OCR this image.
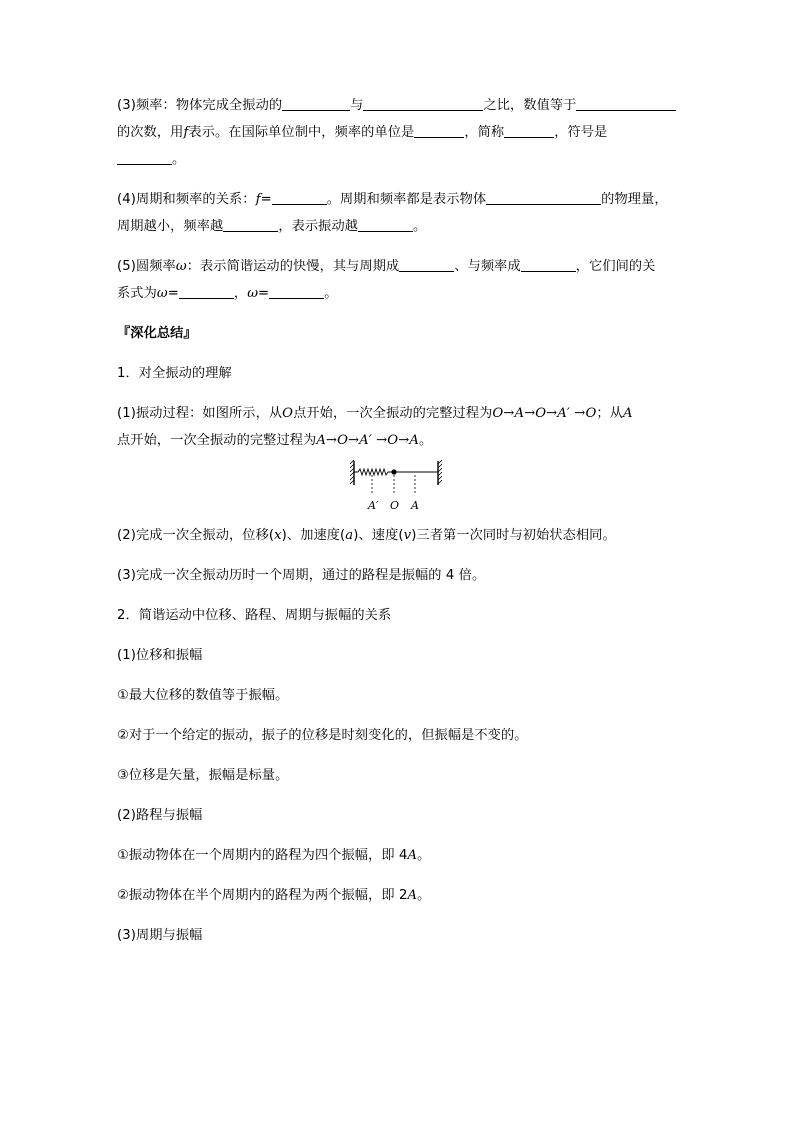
(3)频率：物体完成全振动的	与	之比，数值等于
的次数，用f表示。在国际单位制中，频率的单位是	，简称	，符号是
。

(4)周期和频率的关系：f=	。周期和频率都是表示物体	的物理量，
周期越小，频率越	，表示振动越	。

(5)圆频率ω：表示简谐运动的快慢，其与周期成	、与频率成	，它们间的关
系式为ω=	，ω=	。

『深化总结』

1．对全振动的理解

(1)振动过程：如图所示，从O点开始，一次全振动的完整过程为O→A→O→A′ →O；从A
点开始，一次全振动的完整过程为A→O→A′ →O→A。

A′ O A

(2)完成一次全振动，位移(x)、加速度(a)、速度(v)三者第一次同时与初始状态相同。

(3)完成一次全振动历时一个周期，通过的路程是振幅的 4 倍。

2．简谐运动中位移、路程、周期与振幅的关系

(1)位移和振幅

①最大位移的数值等于振幅。

②对于一个给定的振动，振子的位移是时刻变化的，但振幅是不变的。

③位移是矢量，振幅是标量。

(2)路程与振幅

①振动物体在一个周期内的路程为四个振幅，即 4A。

②振动物体在半个周期内的路程为两个振幅，即 2A。

(3)周期与振幅
